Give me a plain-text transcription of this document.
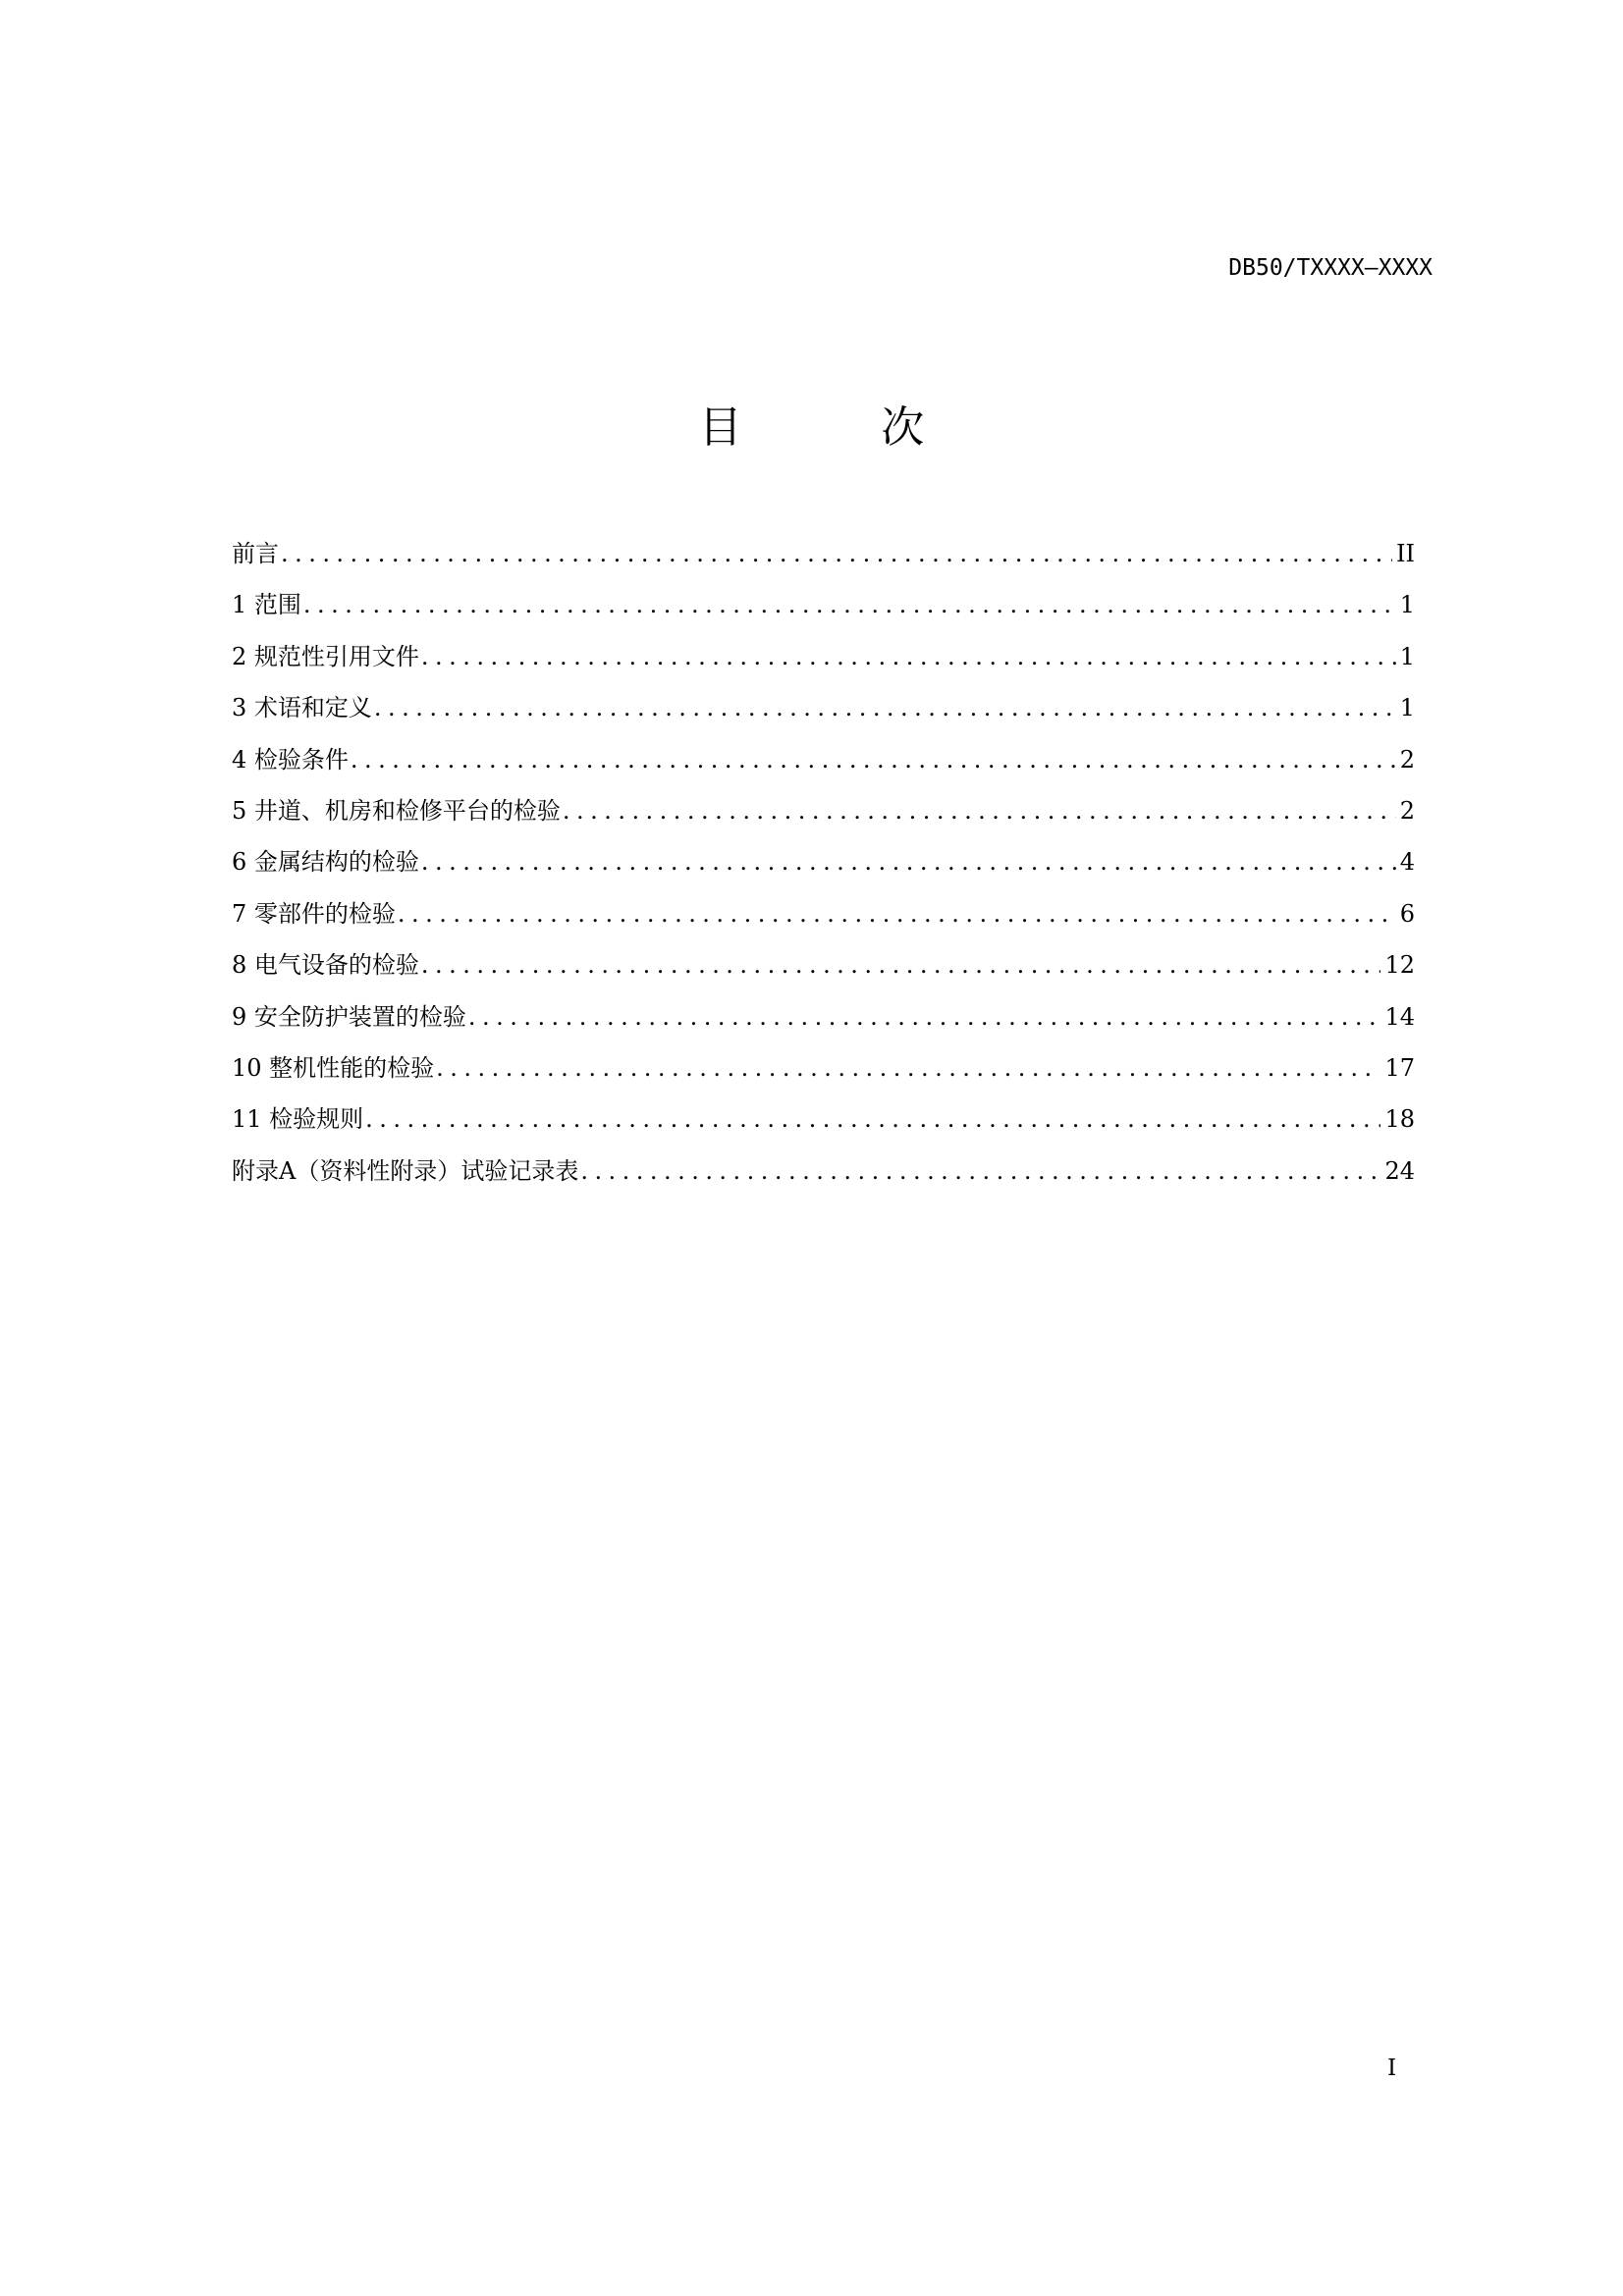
DB50/TXXXX—XXXX
目 次
前言 .....	II
1 范围 .....	1
2 规范性引用文件 .....	1
3 术语和定义 .....	1
4 检验条件 .....	2
5 井道、机房和检修平台的检验 .....	2
6 金属结构的检验 .....	4
7 零部件的检验 .....	6
8 电气设备的检验 .....	12
9 安全防护装置的检验 .....	14
10 整机性能的检验 .....	17
11 检验规则 .....	18
附录A（资料性附录）试验记录表 .....	24
I
